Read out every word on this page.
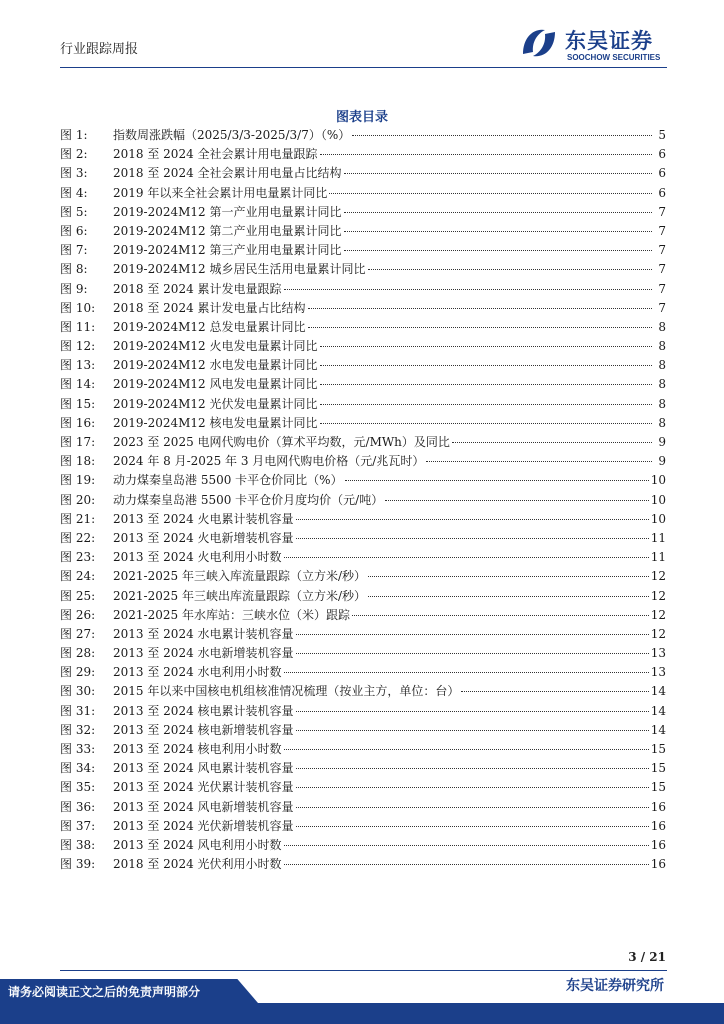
行业跟踪周报	东吴证券
SOOCHOW SECURITIES
图表目录
图 1:	指数周涨跌幅（2025/3/3-2025/3/7）（%）	5
图 2:	2018 至 2024 全社会累计用电量跟踪	6
图 3:	2018 至 2024 全社会累计用电量占比结构	6
图 4:	2019 年以来全社会累计用电量累计同比	6
图 5:	2019-2024M12 第一产业用电量累计同比	7
图 6:	2019-2024M12 第二产业用电量累计同比	7
图 7:	2019-2024M12 第三产业用电量累计同比	7
图 8:	2019-2024M12 城乡居民生活用电量累计同比	7
图 9:	2018 至 2024 累计发电量跟踪	7
图 10:	2018 至 2024 累计发电量占比结构	7
图 11:	2019-2024M12 总发电量累计同比	8
图 12:	2019-2024M12 火电发电量累计同比	8
图 13:	2019-2024M12 水电发电量累计同比	8
图 14:	2019-2024M12 风电发电量累计同比	8
图 15:	2019-2024M12 光伏发电量累计同比	8
图 16:	2019-2024M12 核电发电量累计同比	8
图 17:	2023 至 2025 电网代购电价（算术平均数，元/MWh）及同比	9
图 18:	2024 年 8 月-2025 年 3 月电网代购电价格（元/兆瓦时）	9
图 19:	动力煤秦皇岛港 5500 卡平仓价同比（%）	10
图 20:	动力煤秦皇岛港 5500 卡平仓价月度均价（元/吨）	10
图 21:	2013 至 2024 火电累计装机容量	10
图 22:	2013 至 2024 火电新增装机容量	11
图 23:	2013 至 2024 火电利用小时数	11
图 24:	2021-2025 年三峡入库流量跟踪（立方米/秒）	12
图 25:	2021-2025 年三峡出库流量跟踪（立方米/秒）	12
图 26:	2021-2025 年水库站：三峡水位（米）跟踪	12
图 27:	2013 至 2024 水电累计装机容量	12
图 28:	2013 至 2024 水电新增装机容量	13
图 29:	2013 至 2024 水电利用小时数	13
图 30:	2015 年以来中国核电机组核准情况梳理（按业主方，单位：台）	14
图 31:	2013 至 2024 核电累计装机容量	14
图 32:	2013 至 2024 核电新增装机容量	14
图 33:	2013 至 2024 核电利用小时数	15
图 34:	2013 至 2024 风电累计装机容量	15
图 35:	2013 至 2024 光伏累计装机容量	15
图 36:	2013 至 2024 风电新增装机容量	16
图 37:	2013 至 2024 光伏新增装机容量	16
图 38:	2013 至 2024 风电利用小时数	16
图 39:	2018 至 2024 光伏利用小时数	16
3 / 21
请务必阅读正文之后的免责声明部分	东吴证券研究所
